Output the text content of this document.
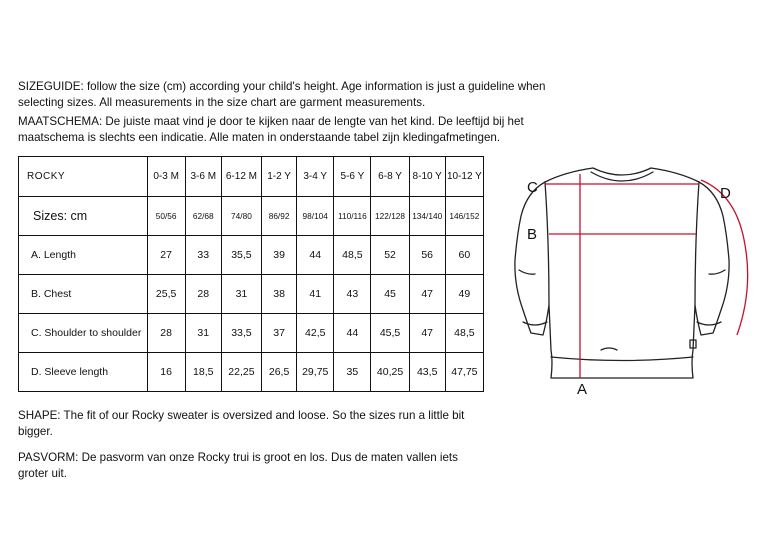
SIZEGUIDE: follow the size (cm) according your child's height. Age information is just a guideline when selecting sizes. All measurements in the size chart are garment measurements.

MAATSCHEMA: De juiste maat vind je door te kijken naar de lengte van het kind. De leeftijd bij het maatschema is slechts een indicatie. Alle maten in onderstaande tabel zijn kledingafmetingen.

ROCKY	0-3 M	3-6 M	6-12 M	1-2 Y	3-4 Y	5-6 Y	6-8 Y	8-10 Y	10-12 Y
Sizes: cm	50/56	62/68	74/80	86/92	98/104	110/116	122/128	134/140	146/152
A. Length	27	33	35,5	39	44	48,5	52	56	60
B. Chest	25,5	28	31	38	41	43	45	47	49
C. Shoulder to shoulder	28	31	33,5	37	42,5	44	45,5	47	48,5
D. Sleeve length	16	18,5	22,25	26,5	29,75	35	40,25	43,5	47,75
C
B
D
A

SHAPE: The fit of our Rocky sweater is oversized and loose. So the sizes run a little bit bigger.

PASVORM: De pasvorm van onze Rocky trui is groot en los. Dus de maten vallen iets groter uit.
